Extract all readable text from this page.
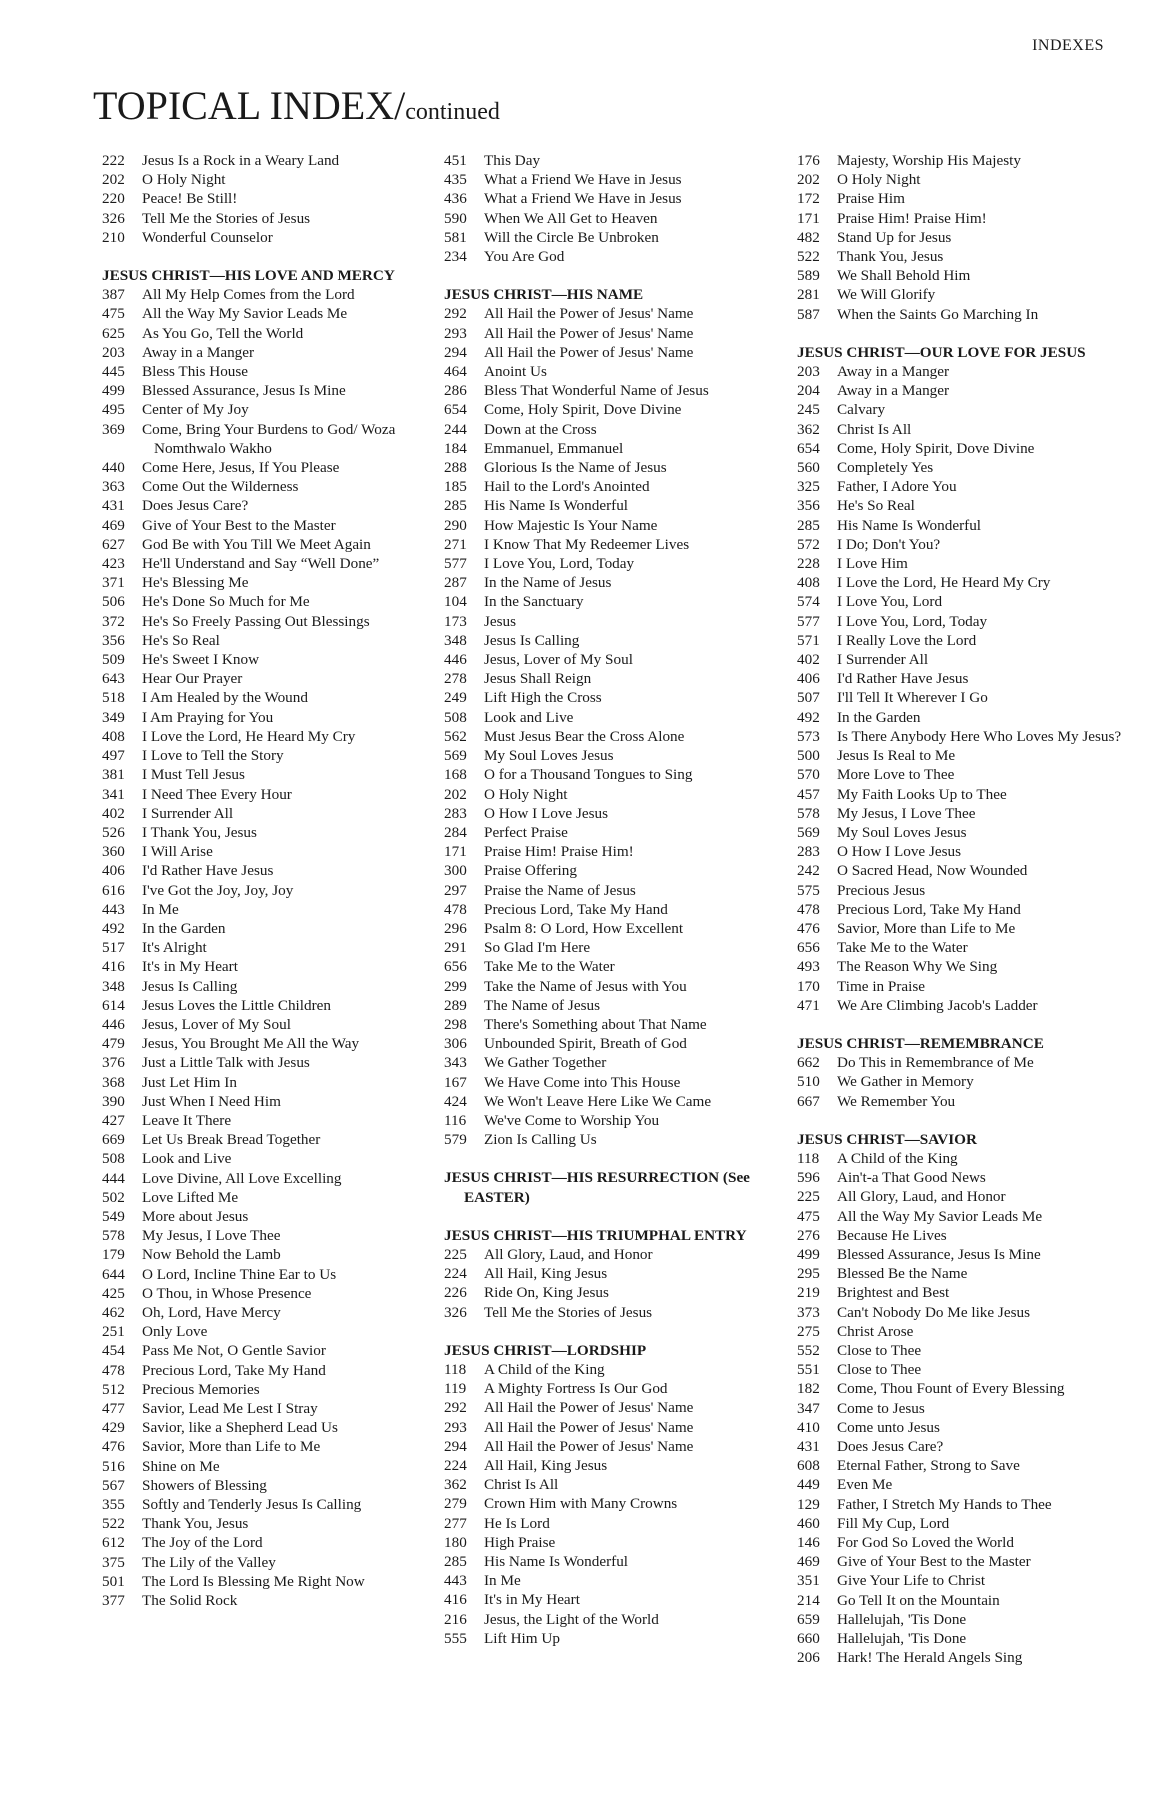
INDEXES
TOPICAL INDEX/continued
222	Jesus Is a Rock in a Weary Land
202	O Holy Night
220	Peace! Be Still!
326	Tell Me the Stories of Jesus
210	Wonderful Counselor
JESUS CHRIST—HIS LOVE AND MERCY
387	All My Help Comes from the Lord
475	All the Way My Savior Leads Me
625	As You Go, Tell the World
203	Away in a Manger
445	Bless This House
499	Blessed Assurance, Jesus Is Mine
495	Center of My Joy
369	Come, Bring Your Burdens to God/ Woza Nomthwalo Wakho
440	Come Here, Jesus, If You Please
363	Come Out the Wilderness
431	Does Jesus Care?
469	Give of Your Best to the Master
627	God Be with You Till We Meet Again
423	He'll Understand and Say “Well Done”
371	He's Blessing Me
506	He's Done So Much for Me
372	He's So Freely Passing Out Blessings
356	He's So Real
509	He's Sweet I Know
643	Hear Our Prayer
518	I Am Healed by the Wound
349	I Am Praying for You
408	I Love the Lord, He Heard My Cry
497	I Love to Tell the Story
381	I Must Tell Jesus
341	I Need Thee Every Hour
402	I Surrender All
526	I Thank You, Jesus
360	I Will Arise
406	I'd Rather Have Jesus
616	I've Got the Joy, Joy, Joy
443	In Me
492	In the Garden
517	It's Alright
416	It's in My Heart
348	Jesus Is Calling
614	Jesus Loves the Little Children
446	Jesus, Lover of My Soul
479	Jesus, You Brought Me All the Way
376	Just a Little Talk with Jesus
368	Just Let Him In
390	Just When I Need Him
427	Leave It There
669	Let Us Break Bread Together
508	Look and Live
444	Love Divine, All Love Excelling
502	Love Lifted Me
549	More about Jesus
578	My Jesus, I Love Thee
179	Now Behold the Lamb
644	O Lord, Incline Thine Ear to Us
425	O Thou, in Whose Presence
462	Oh, Lord, Have Mercy
251	Only Love
454	Pass Me Not, O Gentle Savior
478	Precious Lord, Take My Hand
512	Precious Memories
477	Savior, Lead Me Lest I Stray
429	Savior, like a Shepherd Lead Us
476	Savior, More than Life to Me
516	Shine on Me
567	Showers of Blessing
355	Softly and Tenderly Jesus Is Calling
522	Thank You, Jesus
612	The Joy of the Lord
375	The Lily of the Valley
501	The Lord Is Blessing Me Right Now
377	The Solid Rock
451	This Day
435	What a Friend We Have in Jesus
436	What a Friend We Have in Jesus
590	When We All Get to Heaven
581	Will the Circle Be Unbroken
234	You Are God
JESUS CHRIST—HIS NAME
292	All Hail the Power of Jesus' Name
293	All Hail the Power of Jesus' Name
294	All Hail the Power of Jesus' Name
464	Anoint Us
286	Bless That Wonderful Name of Jesus
654	Come, Holy Spirit, Dove Divine
244	Down at the Cross
184	Emmanuel, Emmanuel
288	Glorious Is the Name of Jesus
185	Hail to the Lord's Anointed
285	His Name Is Wonderful
290	How Majestic Is Your Name
271	I Know That My Redeemer Lives
577	I Love You, Lord, Today
287	In the Name of Jesus
104	In the Sanctuary
173	Jesus
348	Jesus Is Calling
446	Jesus, Lover of My Soul
278	Jesus Shall Reign
249	Lift High the Cross
508	Look and Live
562	Must Jesus Bear the Cross Alone
569	My Soul Loves Jesus
168	O for a Thousand Tongues to Sing
202	O Holy Night
283	O How I Love Jesus
284	Perfect Praise
171	Praise Him! Praise Him!
300	Praise Offering
297	Praise the Name of Jesus
478	Precious Lord, Take My Hand
296	Psalm 8: O Lord, How Excellent
291	So Glad I'm Here
656	Take Me to the Water
299	Take the Name of Jesus with You
289	The Name of Jesus
298	There's Something about That Name
306	Unbounded Spirit, Breath of God
343	We Gather Together
167	We Have Come into This House
424	We Won't Leave Here Like We Came
116	We've Come to Worship You
579	Zion Is Calling Us
JESUS CHRIST—HIS RESURRECTION (See EASTER)
JESUS CHRIST—HIS TRIUMPHAL ENTRY
225	All Glory, Laud, and Honor
224	All Hail, King Jesus
226	Ride On, King Jesus
326	Tell Me the Stories of Jesus
JESUS CHRIST—LORDSHIP
118	A Child of the King
119	A Mighty Fortress Is Our God
292	All Hail the Power of Jesus' Name
293	All Hail the Power of Jesus' Name
294	All Hail the Power of Jesus' Name
224	All Hail, King Jesus
362	Christ Is All
279	Crown Him with Many Crowns
277	He Is Lord
180	High Praise
285	His Name Is Wonderful
443	In Me
416	It's in My Heart
216	Jesus, the Light of the World
555	Lift Him Up
176	Majesty, Worship His Majesty
202	O Holy Night
172	Praise Him
171	Praise Him! Praise Him!
482	Stand Up for Jesus
522	Thank You, Jesus
589	We Shall Behold Him
281	We Will Glorify
587	When the Saints Go Marching In
JESUS CHRIST—OUR LOVE FOR JESUS
203	Away in a Manger
204	Away in a Manger
245	Calvary
362	Christ Is All
654	Come, Holy Spirit, Dove Divine
560	Completely Yes
325	Father, I Adore You
356	He's So Real
285	His Name Is Wonderful
572	I Do; Don't You?
228	I Love Him
408	I Love the Lord, He Heard My Cry
574	I Love You, Lord
577	I Love You, Lord, Today
571	I Really Love the Lord
402	I Surrender All
406	I'd Rather Have Jesus
507	I'll Tell It Wherever I Go
492	In the Garden
573	Is There Anybody Here Who Loves My Jesus?
500	Jesus Is Real to Me
570	More Love to Thee
457	My Faith Looks Up to Thee
578	My Jesus, I Love Thee
569	My Soul Loves Jesus
283	O How I Love Jesus
242	O Sacred Head, Now Wounded
575	Precious Jesus
478	Precious Lord, Take My Hand
476	Savior, More than Life to Me
656	Take Me to the Water
493	The Reason Why We Sing
170	Time in Praise
471	We Are Climbing Jacob's Ladder
JESUS CHRIST—REMEMBRANCE
662	Do This in Remembrance of Me
510	We Gather in Memory
667	We Remember You
JESUS CHRIST—SAVIOR
118	A Child of the King
596	Ain't-a That Good News
225	All Glory, Laud, and Honor
475	All the Way My Savior Leads Me
276	Because He Lives
499	Blessed Assurance, Jesus Is Mine
295	Blessed Be the Name
219	Brightest and Best
373	Can't Nobody Do Me like Jesus
275	Christ Arose
552	Close to Thee
551	Close to Thee
182	Come, Thou Fount of Every Blessing
347	Come to Jesus
410	Come unto Jesus
431	Does Jesus Care?
608	Eternal Father, Strong to Save
449	Even Me
129	Father, I Stretch My Hands to Thee
460	Fill My Cup, Lord
146	For God So Loved the World
469	Give of Your Best to the Master
351	Give Your Life to Christ
214	Go Tell It on the Mountain
659	Hallelujah, 'Tis Done
660	Hallelujah, 'Tis Done
206	Hark! The Herald Angels Sing
